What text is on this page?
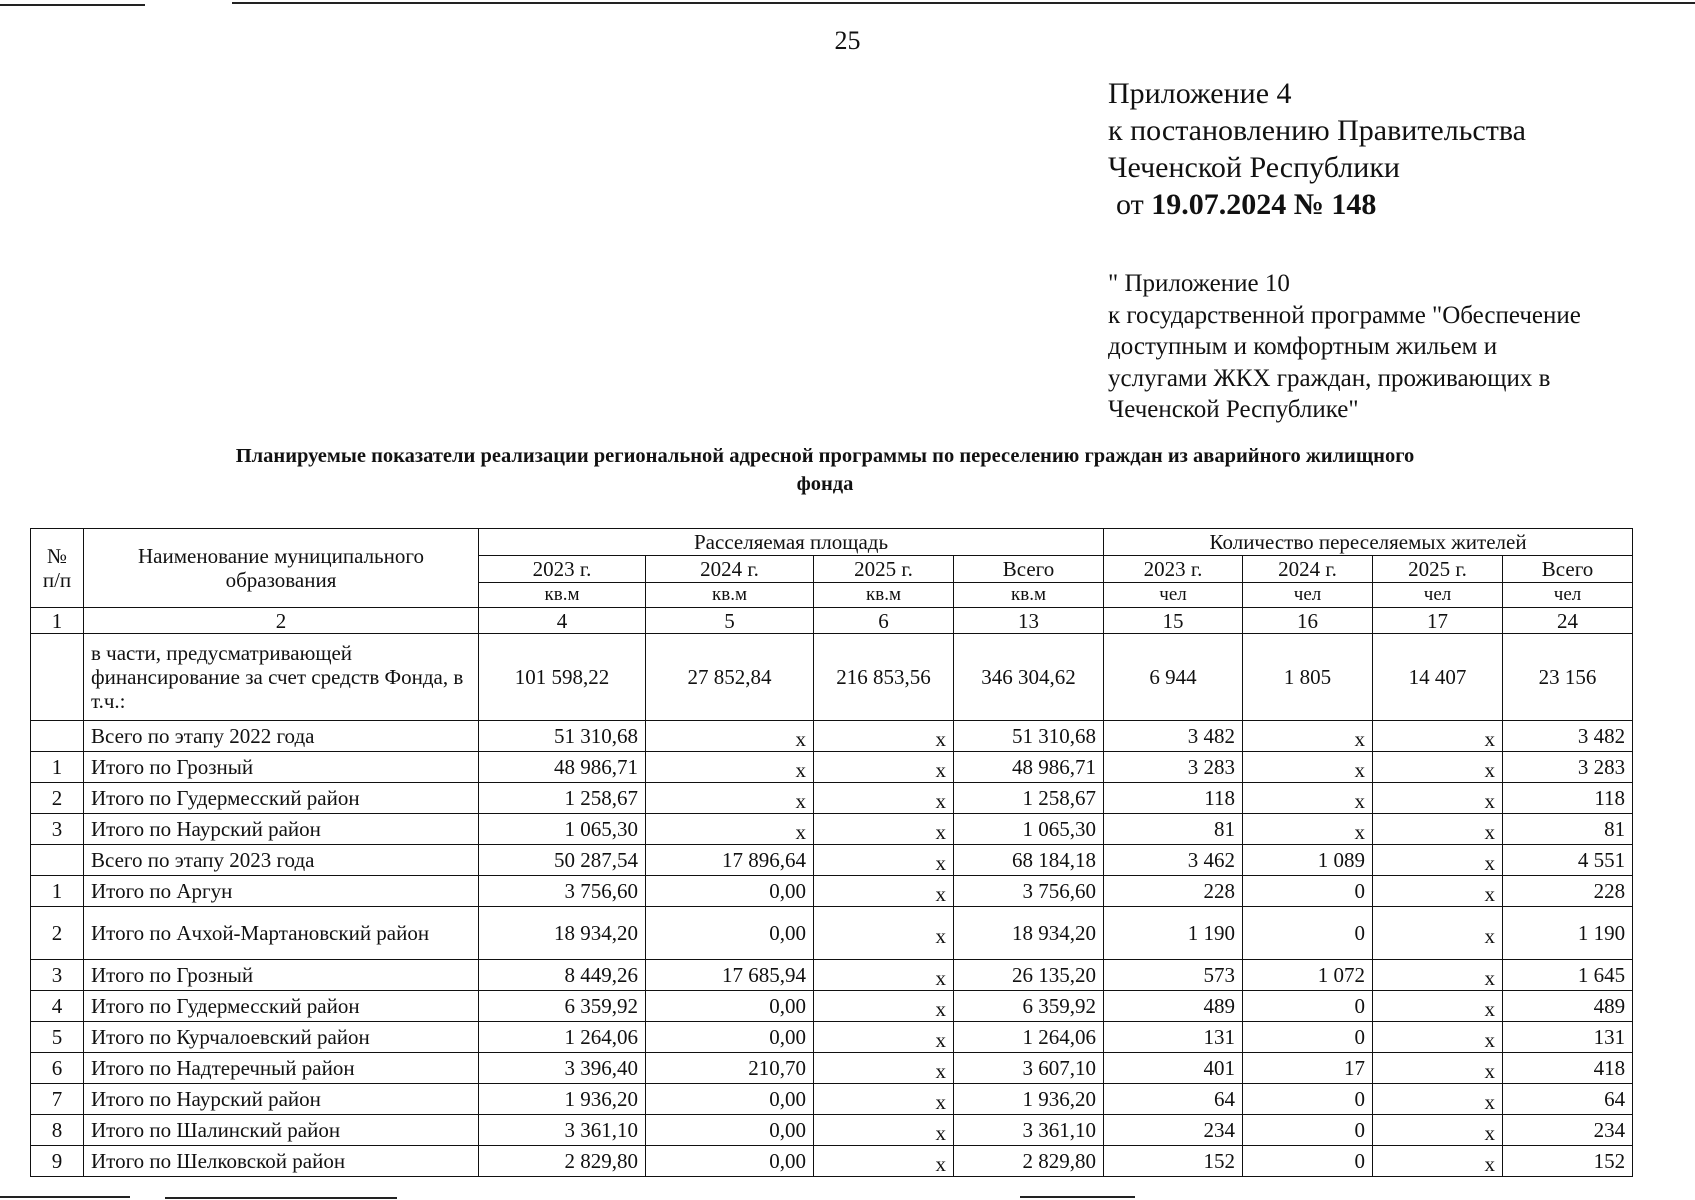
25
Приложение 4
к постановлению Правительства
Чеченской Республики
от 19.07.2024 № 148
" Приложение 10
к государственной программе "Обеспечение
доступным и комфортным жильем и
услугами ЖКХ граждан, проживающих в
Чеченской Республике"
Планируемые показатели реализации региональной адресной программы по переселению граждан из аварийного жилищного
фонда
№ п/п	Наименование муниципального образования	Расселяемая площадь				Количество переселяемых жителей			
		2023 г.	2024 г.	2025 г.	Всего	2023 г.	2024 г.	2025 г.	Всего
		кв.м	кв.м	кв.м	кв.м	чел	чел	чел	чел
1	2	4	5	6	13	15	16	17	24
	в части, предусматривающей финансирование за счет средств Фонда, в т.ч.:	101 598,22	27 852,84	216 853,56	346 304,62	6 944	1 805	14 407	23 156
	Всего по этапу 2022 года	51 310,68	x	x	51 310,68	3 482	x	x	3 482
1	Итого по Грозный	48 986,71	x	x	48 986,71	3 283	x	x	3 283
2	Итого по Гудермесский район	1 258,67	x	x	1 258,67	118	x	x	118
3	Итого по Наурский район	1 065,30	x	x	1 065,30	81	x	x	81
	Всего по этапу 2023 года	50 287,54	17 896,64	x	68 184,18	3 462	1 089	x	4 551
1	Итого по Аргун	3 756,60	0,00	x	3 756,60	228	0	x	228
2	Итого по Ачхой-Мартановский район	18 934,20	0,00	x	18 934,20	1 190	0	x	1 190
3	Итого по Грозный	8 449,26	17 685,94	x	26 135,20	573	1 072	x	1 645
4	Итого по Гудермесский район	6 359,92	0,00	x	6 359,92	489	0	x	489
5	Итого по Курчалоевский район	1 264,06	0,00	x	1 264,06	131	0	x	131
6	Итого по Надтеречный район	3 396,40	210,70	x	3 607,10	401	17	x	418
7	Итого по Наурский район	1 936,20	0,00	x	1 936,20	64	0	x	64
8	Итого по Шалинский район	3 361,10	0,00	x	3 361,10	234	0	x	234
9	Итого по Шелковской район	2 829,80	0,00	x	2 829,80	152	0	x	152
